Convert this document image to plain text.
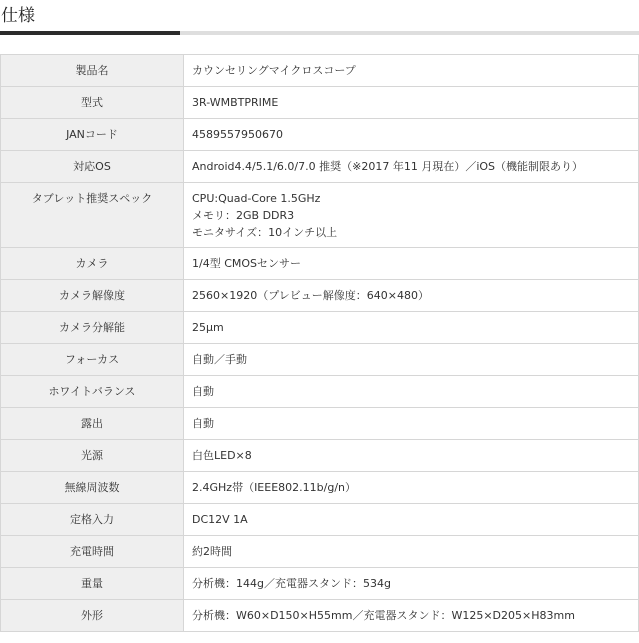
仕様
製品名	カウンセリングマイクロスコープ
型式	3R-WMBTPRIME
JANコード	4589557950670
対応OS	Android4.4/5.1/6.0/7.0 推奨（※2017 年11 月現在）／iOS（機能制限あり）
タブレット推奨スペック	CPU:Quad-Core 1.5GHz
メモリ：2GB DDR3
モニタサイズ：10インチ以上

カメラ	1/4型 CMOSセンサー
カメラ解像度	2560×1920（プレビュー解像度：640×480）
カメラ分解能	25μm
フォーカス	自動／手動
ホワイトバランス	自動
露出	自動
光源	白色LED×8
無線周波数	2.4GHz帯（IEEE802.11b/g/n）
定格入力	DC12V 1A
充電時間	約2時間
重量	分析機：144g／充電器スタンド：534g
外形	分析機：W60×D150×H55mm／充電器スタンド：W125×D205×H83mm
